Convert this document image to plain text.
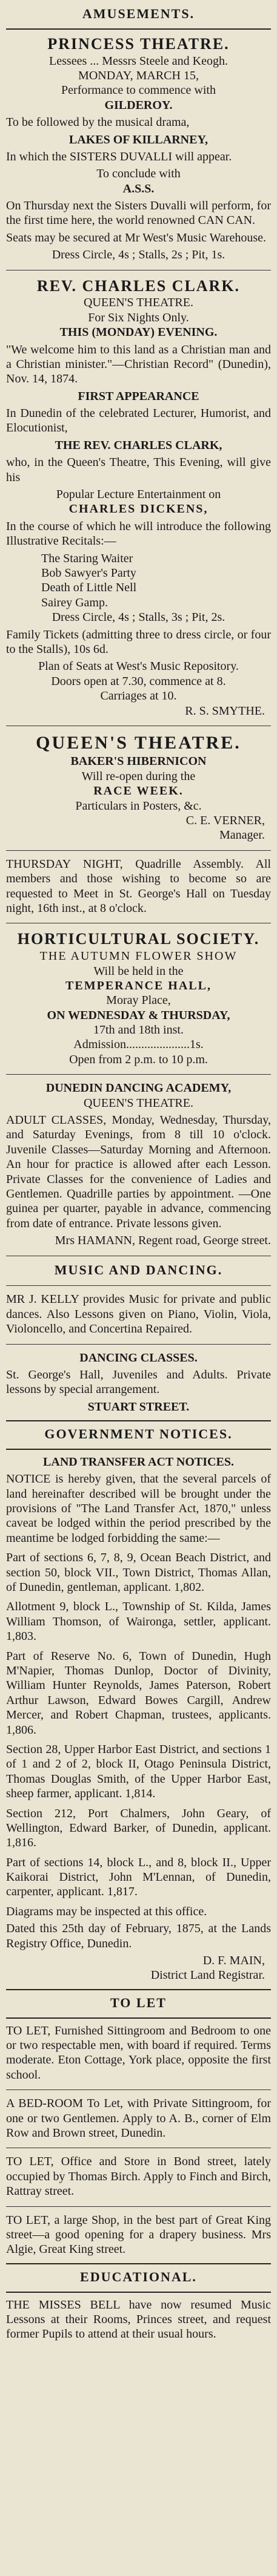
AMUSEMENTS.
PRINCESS THEATRE.
Lessees ... Messrs Steele and Keogh.
MONDAY, MARCH 15,
Performance to commence with
GILDEROY.

To be followed by the musical drama,

LAKES OF KILLARNEY,

In which the SISTERS DUVALLI will appear.

To conclude with
A.S.S.

On Thursday next the Sisters Duvalli will perform, for the first time here, the world renowned CAN CAN.

Seats may be secured at Mr West's Music Warehouse.

Dress Circle, 4s ; Stalls, 2s ; Pit, 1s.
REV. CHARLES CLARK.
QUEEN'S THEATRE.
For Six Nights Only.
THIS (MONDAY) EVENING.

"We welcome him to this land as a Christian man and a Christian minister."—Christian Record" (Dunedin), Nov. 14, 1874.

FIRST APPEARANCE

In Dunedin of the celebrated Lecturer, Humorist, and Elocutionist,

THE REV. CHARLES CLARK,

who, in the Queen's Theatre, This Evening, will give his

Popular Lecture Entertainment on
CHARLES DICKENS,

In the course of which he will introduce the following Illustrative Recitals:—

The Staring Waiter
Bob Sawyer's Party
Death of Little Nell
Sairey Gamp.
Dress Circle, 4s ; Stalls, 3s ; Pit, 2s.

Family Tickets (admitting three to dress circle, or four to the Stalls), 10s 6d.

Plan of Seats at West's Music Repository.
Doors open at 7.30, commence at 8.
Carriages at 10.
R. S. SMYTHE.
QUEEN'S THEATRE.
BAKER'S HIBERNICON
Will re-open during the
RACE WEEK.
Particulars in Posters, &c.
C. E. VERNER,
Manager.

THURSDAY NIGHT, Quadrille Assembly. All members and those wishing to become so are requested to Meet in St. George's Hall on Tuesday night, 16th inst., at 8 o'clock.

HORTICULTURAL SOCIETY.
THE AUTUMN FLOWER SHOW
Will be held in the
TEMPERANCE HALL,
Moray Place,
ON WEDNESDAY & THURSDAY,
17th and 18th inst.
Admission.....................1s.
Open from 2 p.m. to 10 p.m.
DUNEDIN DANCING ACADEMY,
QUEEN'S THEATRE.

ADULT CLASSES, Monday, Wednesday, Thursday, and Saturday Evenings, from 8 till 10 o'clock. Juvenile Classes—Saturday Morning and Afternoon. An hour for practice is allowed after each Lesson. Private Classes for the convenience of Ladies and Gentlemen. Quadrille parties by appointment. —One guinea per quarter, payable in advance, commencing from date of entrance. Private lessons given.

Mrs HAMANN, Regent road, George street.
MUSIC AND DANCING.

MR J. KELLY provides Music for private and public dances. Also Lessons given on Piano, Violin, Viola, Violoncello, and Concertina Repaired.

DANCING CLASSES.

St. George's Hall, Juveniles and Adults. Private lessons by special arrangement.

STUART STREET.
GOVERNMENT NOTICES.
LAND TRANSFER ACT NOTICES.

NOTICE is hereby given, that the several parcels of land hereinafter described will be brought under the provisions of "The Land Transfer Act, 1870," unless caveat be lodged within the period prescribed by the meantime be lodged forbidding the same:—

Part of sections 6, 7, 8, 9, Ocean Beach District, and section 50, block VII., Town District, Thomas Allan, of Dunedin, gentleman, applicant. 1,802.
Allotment 9, block L., Township of St. Kilda, James William Thomson, of Waironga, settler, applicant. 1,803.
Part of Reserve No. 6, Town of Dunedin, Hugh M'Napier, Thomas Dunlop, Doctor of Divinity, William Hunter Reynolds, James Paterson, Robert Arthur Lawson, Edward Bowes Cargill, Andrew Mercer, and Robert Chapman, trustees, applicants. 1,806.
Section 28, Upper Harbor East District, and sections 1 of 1 and 2 of 2, block II, Otago Peninsula District, Thomas Douglas Smith, of the Upper Harbor East, sheep farmer, applicant. 1,814.
Section 212, Port Chalmers, John Geary, of Wellington, Edward Barker, of Dunedin, applicant. 1,816.
Part of sections 14, block L., and 8, block II., Upper Kaikorai District, John M'Lennan, of Dunedin, carpenter, applicant. 1,817.

Diagrams may be inspected at this office.

Dated this 25th day of February, 1875, at the Lands Registry Office, Dunedin.

D. F. MAIN,
District Land Registrar.
TO LET

TO LET, Furnished Sittingroom and Bedroom to one or two respectable men, with board if required. Terms moderate. Eton Cottage, York place, opposite the first school.

A BED-ROOM To Let, with Private Sittingroom, for one or two Gentlemen. Apply to A. B., corner of Elm Row and Brown street, Dunedin.

TO LET, Office and Store in Bond street, lately occupied by Thomas Birch. Apply to Finch and Birch, Rattray street.

TO LET, a large Shop, in the best part of Great King street—a good opening for a drapery business. Mrs Algie, Great King street.

EDUCATIONAL.

THE MISSES BELL have now resumed Music Lessons at their Rooms, Princes street, and request former Pupils to attend at their usual hours.
